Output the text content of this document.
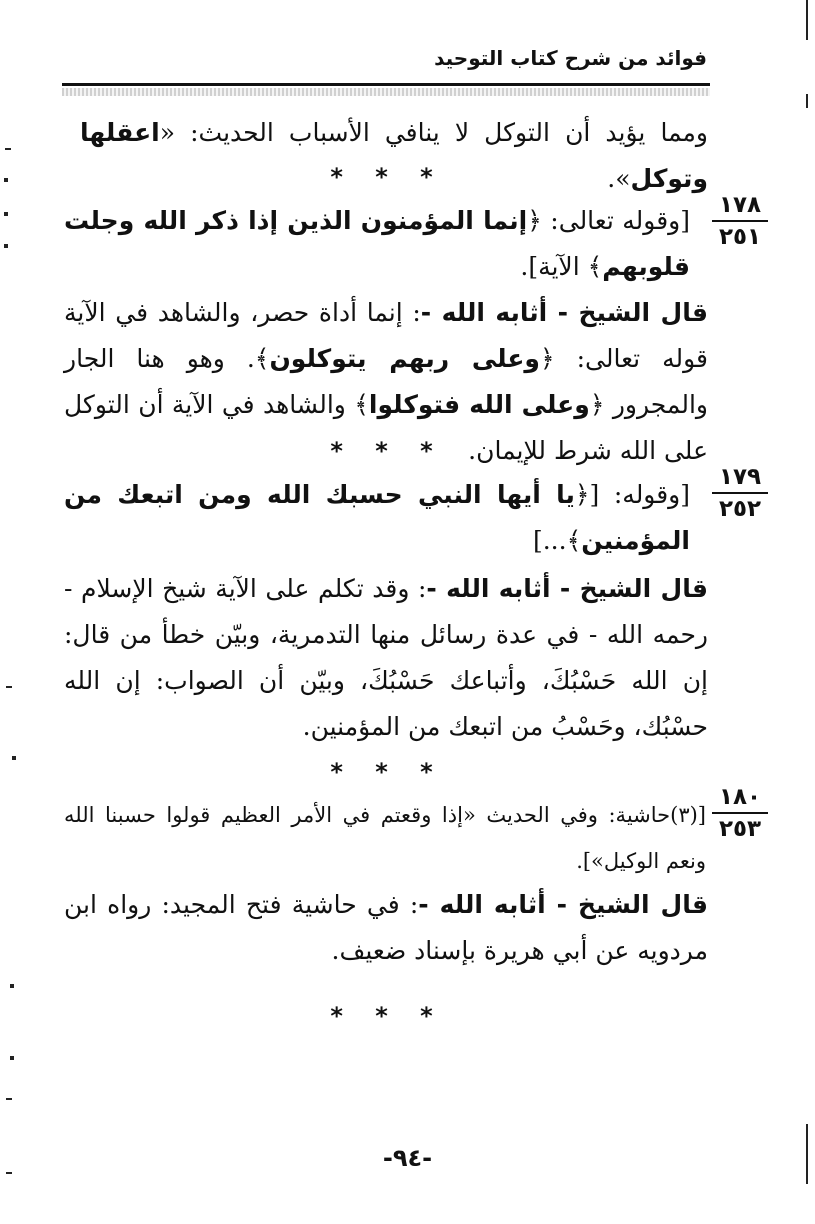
فوائد من شرح كتاب التوحيد
ومما يؤيد أن التوكل لا ينافي الأسباب الحديث: «اعقلها وتوكل».
* * *
١٧٨
٢٥١
[وقوله تعالى: ﴿إنما المؤمنون الذين إذا ذكر الله وجلت قلوبهم﴾ الآية].
قال الشيخ - أثابه الله -: إنما أداة حصر، والشاهد في الآية قوله تعالى: ﴿وعلى ربهم يتوكلون﴾. وهو هنا الجار والمجرور ﴿وعلى الله فتوكلوا﴾ والشاهد في الآية أن التوكل على الله شرط للإيمان.
* * *
١٧٩
٢٥٢
[وقوله: [﴿يا أيها النبي حسبك الله ومن اتبعك من المؤمنين﴾...]
قال الشيخ - أثابه الله -: وقد تكلم على الآية شيخ الإسلام - رحمه الله - في عدة رسائل منها التدمرية، وبيّن خطأ من قال: إن الله حَسْبُكَ، وأتباعك حَسْبُكَ، وبيّن أن الصواب: إن الله حسْبُك، وحَسْبُ من اتبعك من المؤمنين.
* * *
١٨٠
٢٥٣
[(٣)حاشية: وفي الحديث «إذا وقعتم في الأمر العظيم قولوا حسبنا الله ونعم الوكيل»].
قال الشيخ - أثابه الله -: في حاشية فتح المجيد: رواه ابن مردويه عن أبي هريرة بإسناد ضعيف.
* * *
-٩٤-
